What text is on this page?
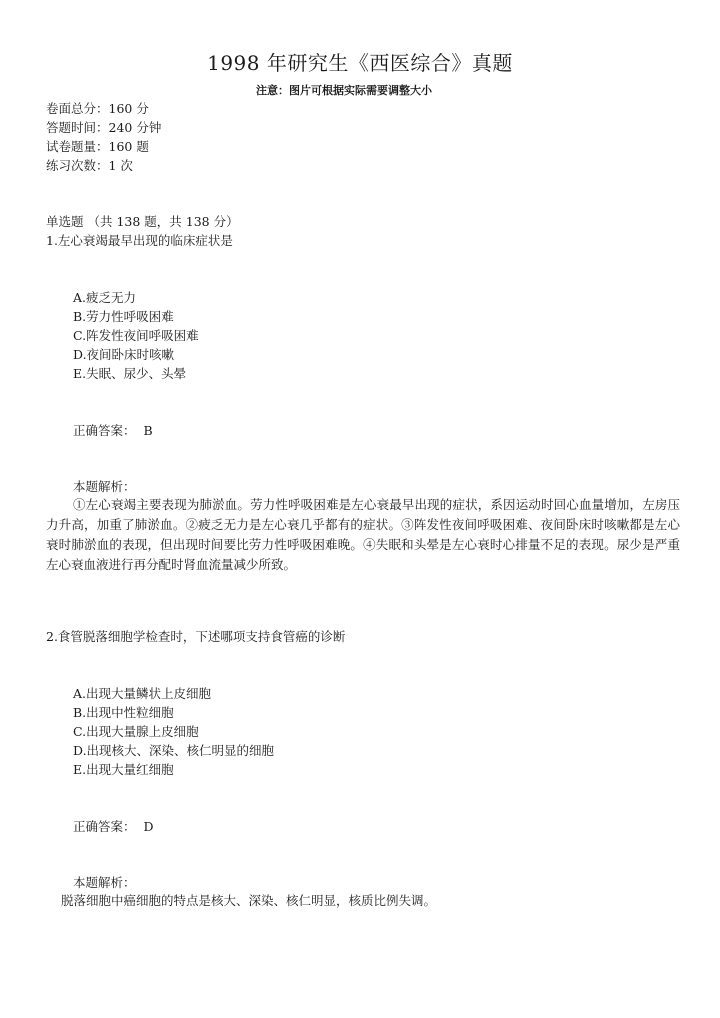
1998 年研究生《西医综合》真题
注意：图片可根据实际需要调整大小
卷面总分：160 分
答题时间：240 分钟
试卷题量：160 题
练习次数：1 次
单选题 （共 138 题，共 138 分）
1.左心衰竭最早出现的临床症状是
A.疲乏无力
B.劳力性呼吸困难
C.阵发性夜间呼吸困难
D.夜间卧床时咳嗽
E.失眠、尿少、头晕
正确答案：  B
本题解析：
①左心衰竭主要表现为肺淤血。劳力性呼吸困难是左心衰最早出现的症状，系因运动时回心血量增加，左房压力升高，加重了肺淤血。②疲乏无力是左心衰几乎都有的症状。③阵发性夜间呼吸困难、夜间卧床时咳嗽都是左心衰时肺淤血的表现，但出现时间要比劳力性呼吸困难晚。④失眠和头晕是左心衰时心排量不足的表现。尿少是严重左心衰血液进行再分配时肾血流量减少所致。
2.食管脱落细胞学检查时，下述哪项支持食管癌的诊断
A.出现大量鳞状上皮细胞
B.出现中性粒细胞
C.出现大量腺上皮细胞
D.出现核大、深染、核仁明显的细胞
E.出现大量红细胞
正确答案：  D
本题解析：
脱落细胞中癌细胞的特点是核大、深染、核仁明显，核质比例失调。
